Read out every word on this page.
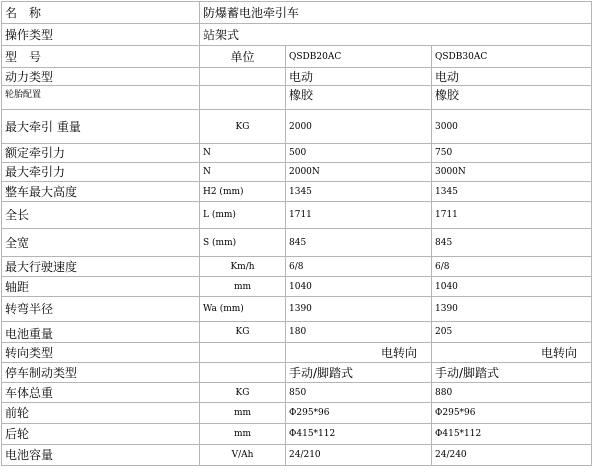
名　称	防爆蓄电池牵引车		
操作类型	站架式		
型　号	单位	QSDB20AC	QSDB30AC
动力类型		电动	电动
轮胎配置		橡胶	橡胶
最大牵引 重量	KG	2000	3000
额定牵引力	N	500	750
最大牵引力	N	2000N	3000N
整车最大高度	H2 (mm)	1345	1345
全长	L (mm)	1711	1711
全宽	S (mm)	845	845
最大行驶速度	Km/h	6/8	6/8
轴距	mm	1040	1040
转弯半径	Wa (mm)	1390	1390
电池重量	KG	180	205
转向类型		电转向	电转向
停车制动类型		手动/脚踏式	手动/脚踏式
车体总重	KG	850	880
前轮	mm	Φ295*96	Φ295*96
后轮	mm	Φ415*112	Φ415*112
电池容量	V/Ah	24/210	24/240
